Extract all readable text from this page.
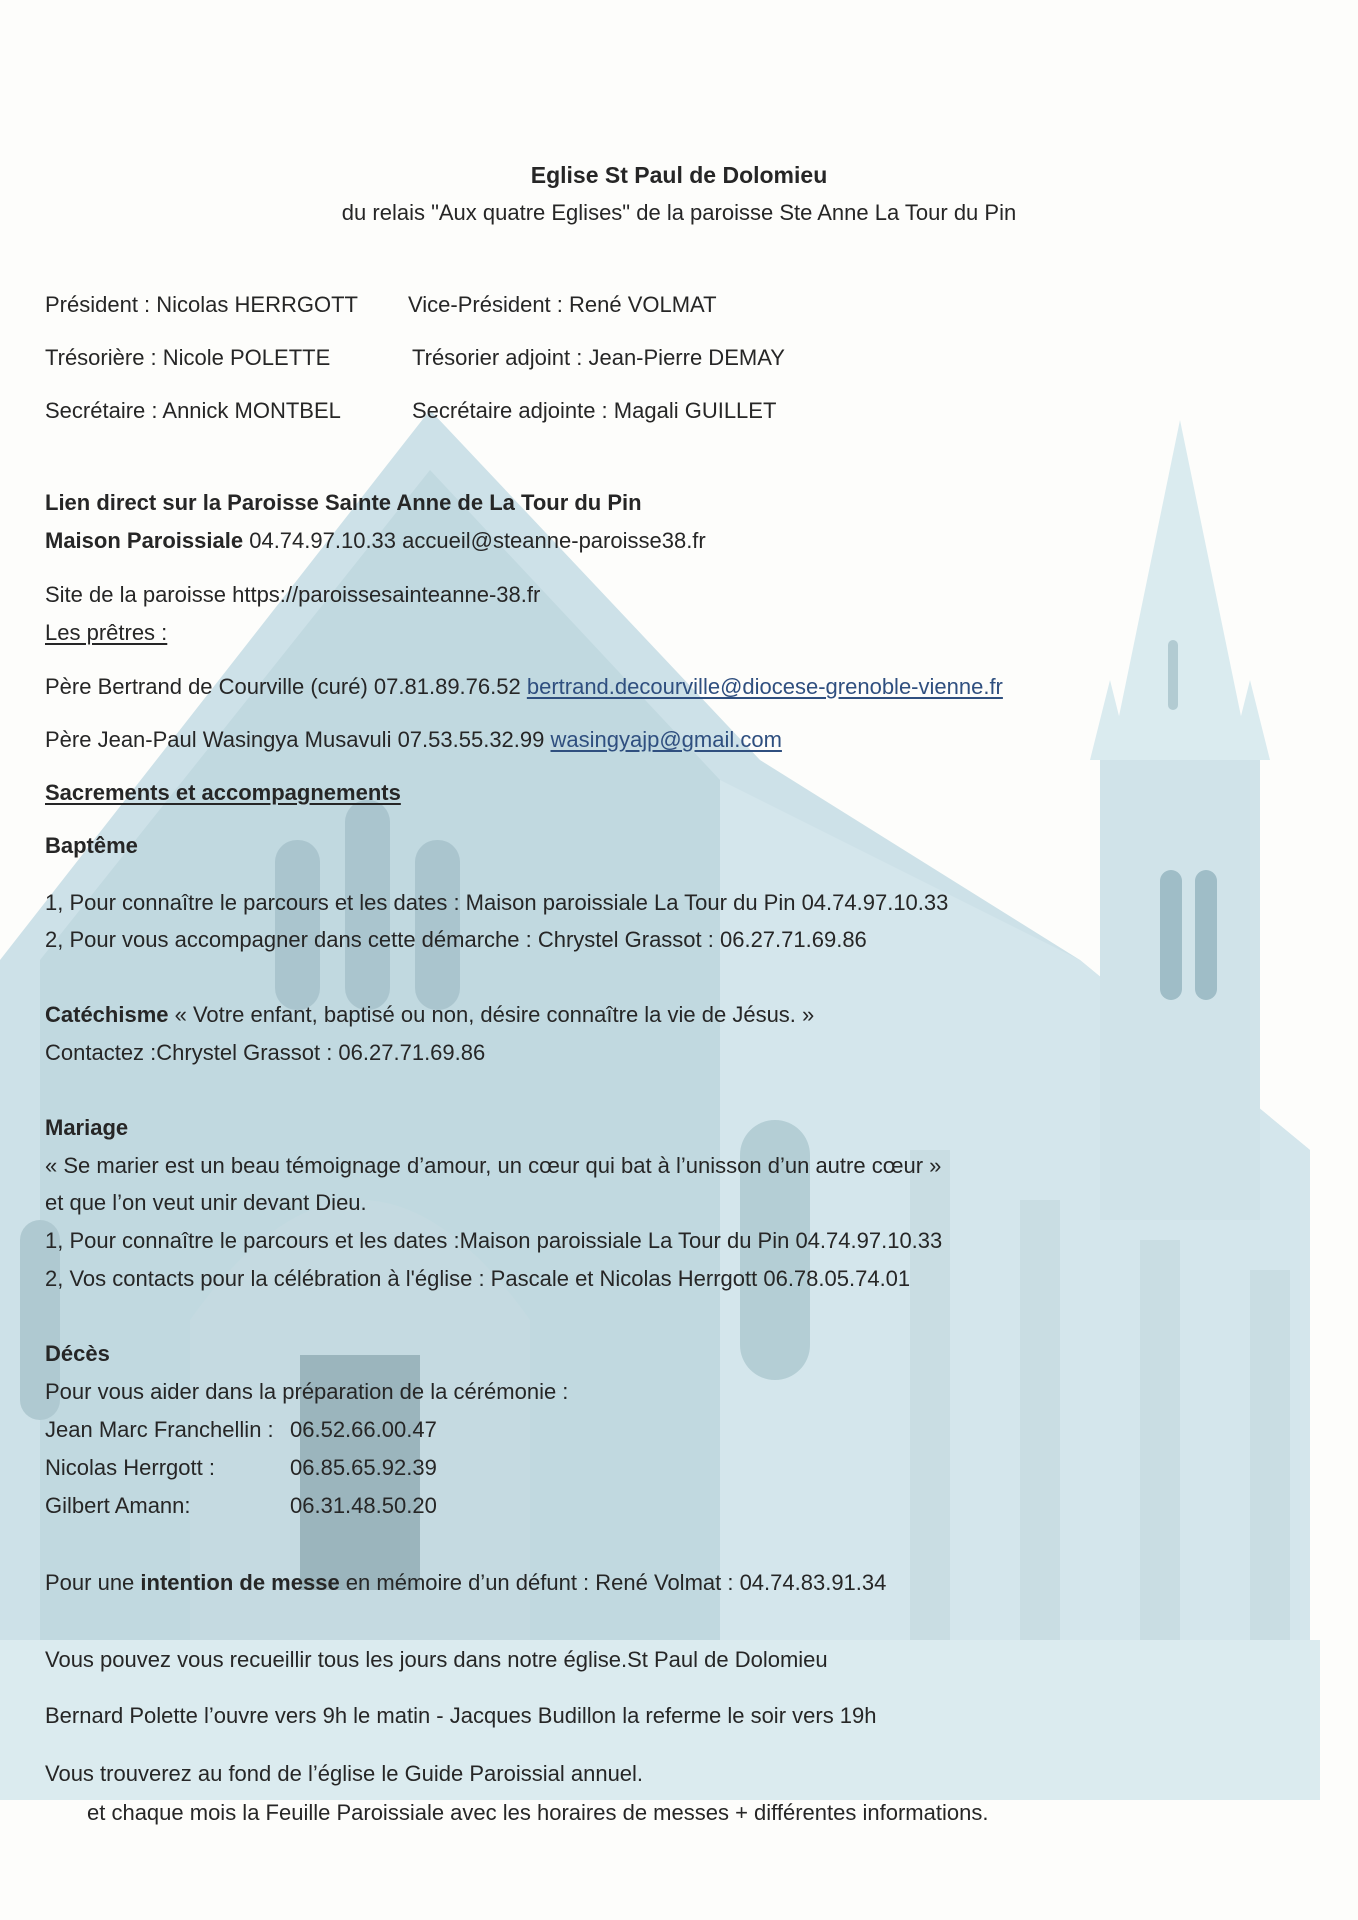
Eglise St Paul de Dolomieu
du relais "Aux quatre Eglises" de la paroisse Ste Anne La Tour du Pin
Président : Nicolas HERRGOTT Vice-Président : René VOLMAT
Trésorière : Nicole POLETTE	Trésorier adjoint : Jean-Pierre DEMAY
Secrétaire : Annick MONTBEL	Secrétaire adjointe : Magali GUILLET
Lien direct sur la Paroisse Sainte Anne de La Tour du Pin
Maison Paroissiale 04.74.97.10.33 accueil@steanne-paroisse38.fr
Site de la paroisse https://paroissesainteanne-38.fr
Les prêtres :
Père Bertrand de Courville (curé) 07.81.89.76.52 bertrand.decourville@diocese-grenoble-vienne.fr
Père Jean-Paul Wasingya Musavuli 07.53.55.32.99 wasingyajp@gmail.com
Sacrements et accompagnements
Baptême
1, Pour connaître le parcours et les dates : Maison paroissiale La Tour du Pin 04.74.97.10.33
2, Pour vous accompagner dans cette démarche : Chrystel Grassot : 06.27.71.69.86
Catéchisme « Votre enfant, baptisé ou non, désire connaître la vie de Jésus. »
Contactez :Chrystel Grassot : 06.27.71.69.86
Mariage
« Se marier est un beau témoignage d’amour, un cœur qui bat à l’unisson d’un autre cœur »
et que l’on veut unir devant Dieu.
1, Pour connaître le parcours et les dates :Maison paroissiale La Tour du Pin 04.74.97.10.33
2, Vos contacts pour la célébration à l'église : Pascale et Nicolas Herrgott 06.78.05.74.01
Décès
Pour vous aider dans la préparation de la cérémonie :
Jean Marc Franchellin : 06.52.66.00.47
Nicolas Herrgott :	06.85.65.92.39
Gilbert Amann:	06.31.48.50.20
Pour une intention de messe en mémoire d’un défunt : René Volmat : 04.74.83.91.34
Vous pouvez vous recueillir tous les jours dans notre église.St Paul de Dolomieu
Bernard Polette l’ouvre vers 9h le matin - Jacques Budillon la referme le soir vers 19h
Vous trouverez au fond de l’église le Guide Paroissial annuel.
et chaque mois la Feuille Paroissiale avec les horaires de messes + différentes informations.
